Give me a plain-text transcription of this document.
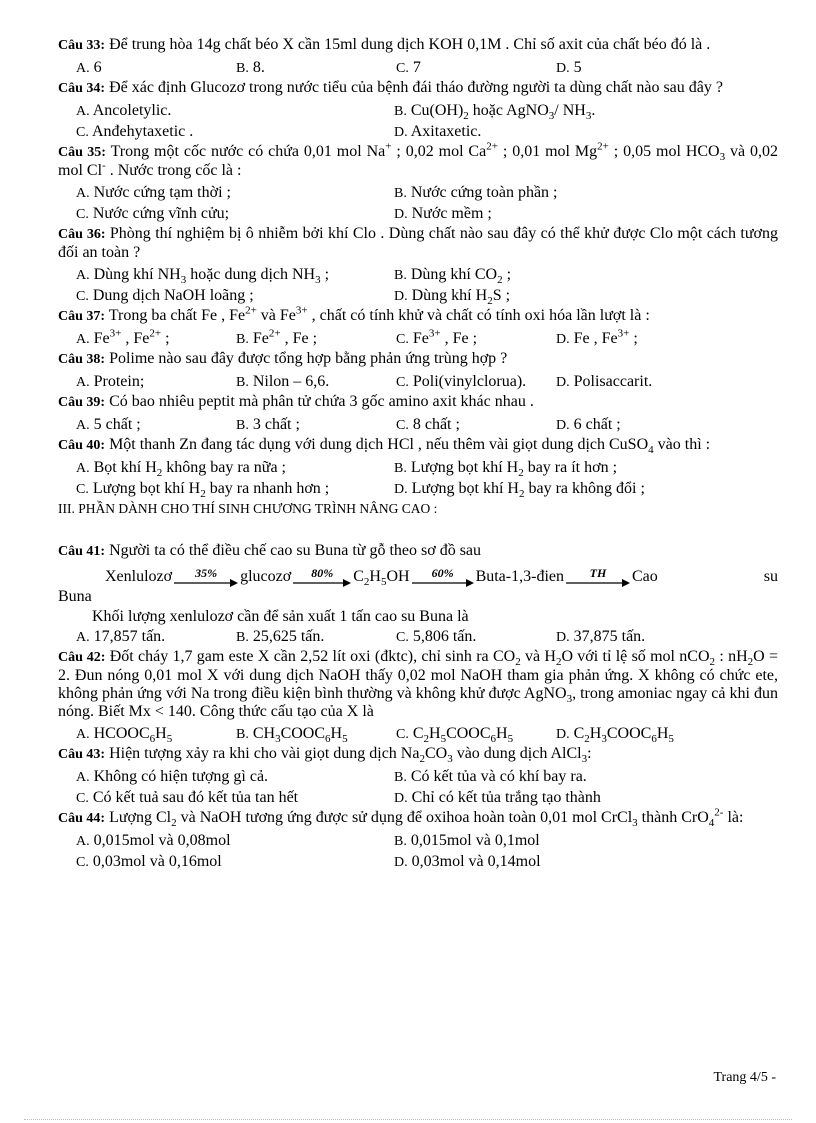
Câu 33: Để trung hòa 14g chất béo X cần 15ml dung dịch KOH 0,1M . Chỉ số axit của chất béo đó là .
A. 6	B. 8.	C. 7	D. 5
Câu 34: Để xác định Glucozơ trong nước tiểu của bệnh đái tháo đường người ta dùng chất nào sau đây ?
A. Ancoletylic.	B. $Cu(OH)_2$ hoặc AgNO$_3$/ $NH_3$.
C. Anđehytaxetic .	D. Axitaxetic.
Câu 35: Trong một cốc nước có chứa 0,01 mol Na+ ; 0,02 mol $Ca^{2+}$ ; 0,01 mol $Mg^{2+}$ ; 0,05 mol $HCO_3$ và 0,02 mol Cl- . Nước trong cốc là :
A. Nước cứng tạm thời ;	B. Nước cứng toàn phần ;
C. Nước cứng vĩnh cửu;	D. Nước mềm ;
Câu 36: Phòng thí nghiệm bị ô nhiễm bởi khí Clo . Dùng chất nào sau đây có thể khử được Clo một cách tương đối an toàn ?
A. Dùng khí $NH_3$ hoặc dung dịch $NH_3$ ;	B. Dùng khí $CO_2$ ;
C. Dung dịch NaOH loãng ;	D. Dùng khí $H_2S$ ;
Câu 37: Trong ba chất Fe , $Fe^{2+}$ và $Fe^{3+}$ , chất có tính khử và chất có tính oxi hóa lần lượt là :
A. $Fe^{3+}$ , $Fe^{2+}$ ;	B. $Fe^{2+}$ , Fe ;	C. $Fe^{3+}$ , Fe ;	D. Fe , $Fe^{3+}$ ;
Câu 38: Polime nào sau đây được tổng hợp bằng phản ứng trùng hợp ?
A. Protein;	B. Nilon – 6,6.	C. Poli(vinylclorua).	D. Polisaccarit.
Câu 39: Có bao nhiêu peptit mà phân tử chứa 3 gốc amino axit khác nhau .
A. 5 chất ;	B. 3 chất ;	C. 8 chất ;	D. 6 chất ;
Câu 40: Một thanh Zn đang tác dụng với dung dịch HCl , nếu thêm vài giọt dung dịch CuSO$_4$ vào thì :
A. Bọt khí $H_2$ không bay ra nữa ;	B. Lượng bọt khí $H_2$ bay ra ít hơn ;
C. Lượng bọt khí $H_2$ bay ra nhanh hơn ;	D. Lượng bọt khí $H_2$ bay ra không đổi ;
III. PHẦN DÀNH CHO THÍ SINH CHƯƠNG TRÌNH NÂNG CAO :
Câu 41: Người ta có thể điều chế cao su Buna từ gỗ theo sơ đồ sau
Xenlulozơ 35% glucozơ 80% $C_2H_5OH$ 60% Buta-1,3-đien TH Cao	su
Buna
Khối lượng xenlulozơ cần để sản xuất 1 tấn cao su Buna là
A. 17,857 tấn.	B. 25,625 tấn.	C. 5,806 tấn.	D. 37,875 tấn.
Câu 42: Đốt cháy 1,7 gam este X cần 2,52 lít oxi (đktc), chỉ sinh ra $CO_2$ và $H_2O$ với tỉ lệ số mol nCO$_2$ : $nH_2O = 2$. Đun nóng 0,01 mol X với dung dịch NaOH thấy 0,02 mol NaOH tham gia phản ứng. X không có chức ete, không phản ứng với Na trong điều kiện bình thường và không khử được AgNO$_3$, trong amoniac ngay cả khi đun nóng. Biết Mx < 140. Công thức cấu tạo của X là
A. $HCOOC_6H_5$	B. $CH_3COOC_6H_5$	C. $C_2H_5COOC_6H_5$	D. $C_2H_3COOC_6H_5$
Câu 43: Hiện tượng xảy ra khi cho vài giọt dung dịch $Na_2CO_3$ vào dung dịch AlCl$_3$:
A. Không có hiện tượng gì cả.	B. Có kết tủa và có khí bay ra.
C. Có kết tuả sau đó kết tủa tan hết	D. Chỉ có kết tủa trắng tạo thành
Câu 44: Lượng $Cl_2$ và NaOH tương ứng được sử dụng để oxihoa hoàn toàn 0,01 mol CrCl$_3$ thành CrO$_4^{2-}$ là:
A. 0,015mol và 0,08mol	B. 0,015mol và 0,1mol
C. 0,03mol và 0,16mol	D. 0,03mol và 0,14mol
Trang 4/5 -
